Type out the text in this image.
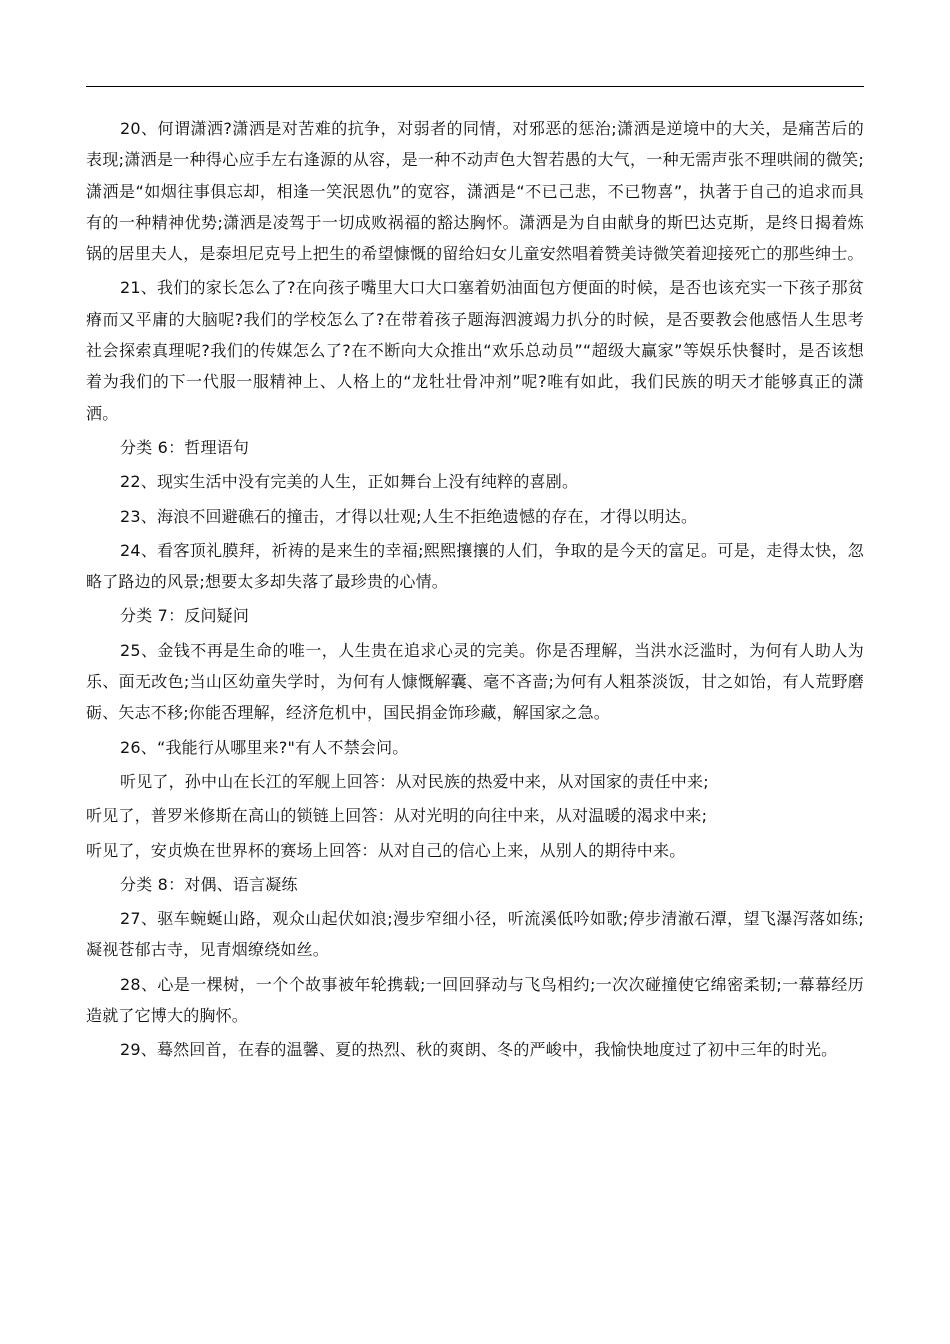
20、何谓潇洒?潇洒是对苦难的抗争，对弱者的同情，对邪恶的惩治;潇洒是逆境中的大关，是痛苦后的表现;潇洒是一种得心应手左右逢源的从容，是一种不动声色大智若愚的大气，一种无需声张不理哄闹的微笑;潇洒是“如烟往事俱忘却，相逢一笑泯恩仇”的宽容，潇洒是“不已己悲，不已物喜”，执著于自己的追求而具有的一种精神优势;潇洒是凌驾于一切成败祸福的豁达胸怀。潇洒是为自由献身的斯巴达克斯，是终日揭着炼锅的居里夫人，是泰坦尼克号上把生的希望慷慨的留给妇女儿童安然唱着赞美诗微笑着迎接死亡的那些绅士。

21、我们的家长怎么了?在向孩子嘴里大口大口塞着奶油面包方便面的时候，是否也该充实一下孩子那贫瘠而又平庸的大脑呢?我们的学校怎么了?在带着孩子题海泗渡竭力扒分的时候，是否要教会他感悟人生思考社会探索真理呢?我们的传媒怎么了?在不断向大众推出“欢乐总动员”“超级大赢家”等娱乐快餐时，是否该想着为我们的下一代服一服精神上、人格上的“龙牡壮骨冲剂”呢?唯有如此，我们民族的明天才能够真正的潇洒。

分类 6：哲理语句

22、现实生活中没有完美的人生，正如舞台上没有纯粹的喜剧。

23、海浪不回避礁石的撞击，才得以壮观;人生不拒绝遗憾的存在，才得以明达。

24、看客顶礼膜拜，祈祷的是来生的幸福;熙熙攘攘的人们，争取的是今天的富足。可是，走得太快，忽略了路边的风景;想要太多却失落了最珍贵的心情。

分类 7：反问疑问

25、金钱不再是生命的唯一，人生贵在追求心灵的完美。你是否理解，当洪水泛滥时，为何有人助人为乐、面无改色;当山区幼童失学时，为何有人慷慨解囊、毫不吝啬;为何有人粗茶淡饭，甘之如饴，有人荒野磨砺、矢志不移;你能否理解，经济危机中，国民捐金饰珍藏，解国家之急。

26、“我能行从哪里来?"有人不禁会问。

听见了，孙中山在长江的军舰上回答：从对民族的热爱中来，从对国家的责任中来;

听见了，普罗米修斯在高山的锁链上回答：从对光明的向往中来，从对温暖的渴求中来;

听见了，安贞焕在世界杯的赛场上回答：从对自己的信心上来，从别人的期待中来。

分类 8：对偶、语言凝练

27、驱车蜿蜒山路，观众山起伏如浪;漫步窄细小径，听流溪低吟如歌;停步清澈石潭，望飞瀑泻落如练;凝视苍郁古寺，见青烟缭绕如丝。

28、心是一棵树，一个个故事被年轮携载;一回回驿动与飞鸟相约;一次次碰撞使它绵密柔韧;一幕幕经历造就了它博大的胸怀。

29、蓦然回首，在春的温馨、夏的热烈、秋的爽朗、冬的严峻中，我愉快地度过了初中三年的时光。
